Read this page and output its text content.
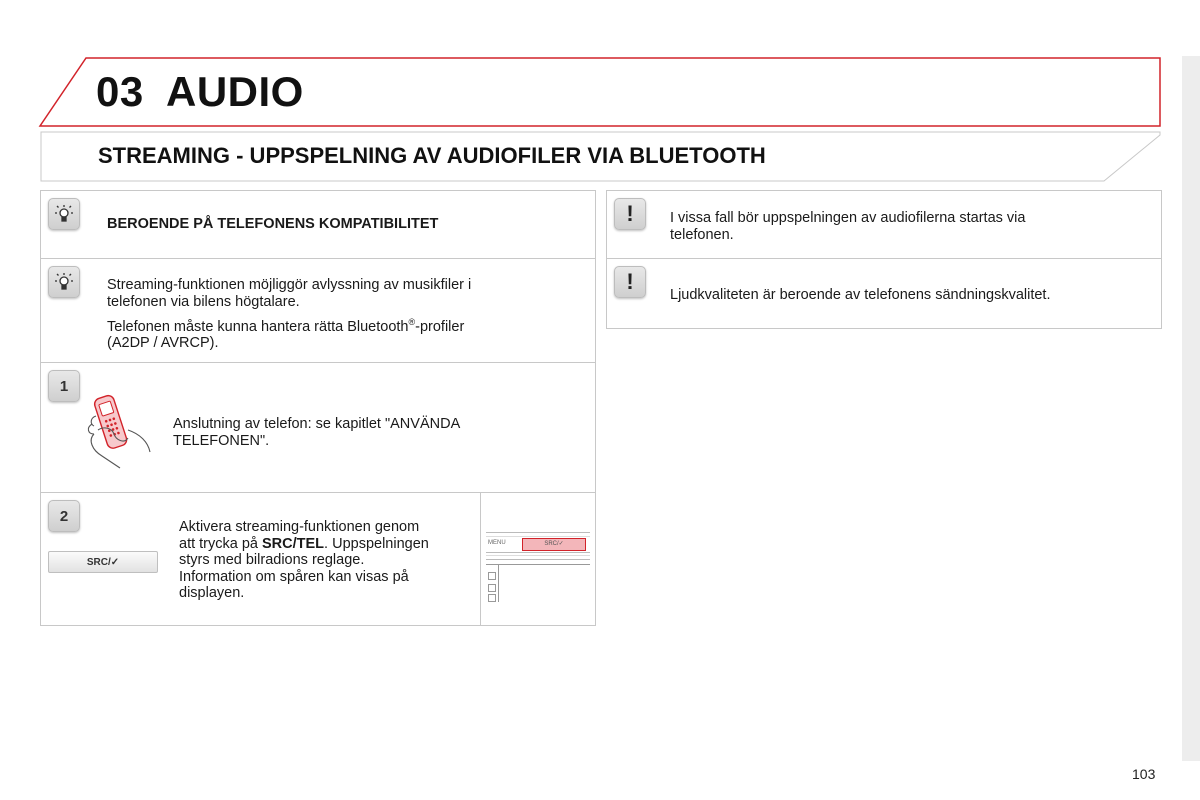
03 AUDIO
STREAMING - UPPSPELNING AV AUDIOFILER VIA BLUETOOTH
BEROENDE PÅ TELEFONENS KOMPATIBILITET
Streaming-funktionen möjliggör avlyssning av musikfiler i
telefonen via bilens högtalare.
Telefonen måste kunna hantera rätta Bluetooth®-profiler
(A2DP / AVRCP).
1
Anslutning av telefon: se kapitlet "ANVÄNDA
TELEFONEN".
2
SRC/✓
Aktivera streaming-funktionen genom
att trycka på SRC/TEL. Uppspelningen
styrs med bilradions reglage.
Information om spåren kan visas på
displayen.
MENU	SRC/✓
!	I vissa fall bör uppspelningen av audiofilerna startas via
telefonen.
!
Ljudkvaliteten är beroende av telefonens sändningskvalitet.
103
